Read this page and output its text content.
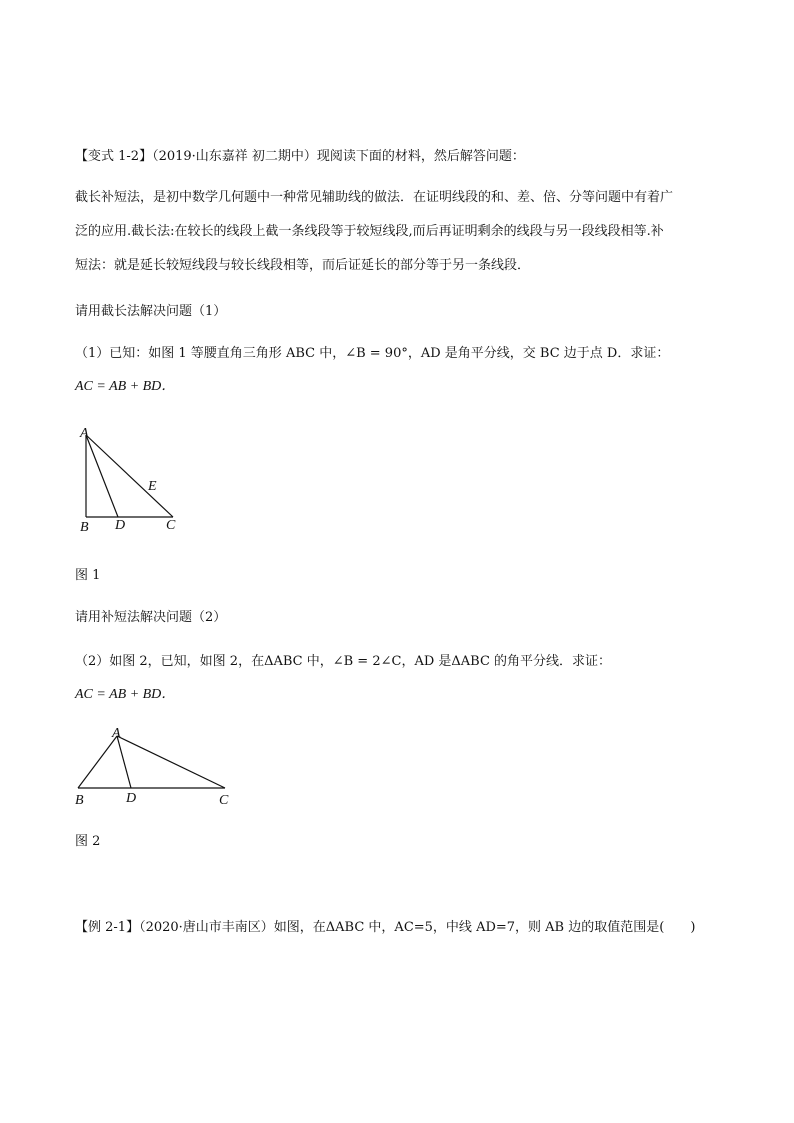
【变式 1-2】（2019·山东嘉祥 初二期中）现阅读下面的材料，然后解答问题：
截长补短法，是初中数学几何题中一种常见辅助线的做法．在证明线段的和、差、倍、分等问题中有着广
泛的应用.截长法:在较长的线段上截一条线段等于较短线段,而后再证明剩余的线段与另一段线段相等.补
短法：就是延长较短线段与较长线段相等，而后证延长的部分等于另一条线段．
请用截长法解决问题（1）
（1）已知：如图 1 等腰直角三角形 ABC 中，∠B = 90°，AD 是角平分线，交 BC 边于点 D．求证：
AC = AB + BD．
A
B D	C
E
图 1
请用补短法解决问题（2）
（2）如图 2，已知，如图 2，在ΔABC 中，∠B = 2∠C，AD 是ΔABC 的角平分线．求证：
AC = AB + BD．
A
B	D	C
图 2
【例 2-1】（2020·唐山市丰南区）如图，在ΔABC 中，AC=5，中线 AD=7，则 AB 边的取值范围是(　　)
